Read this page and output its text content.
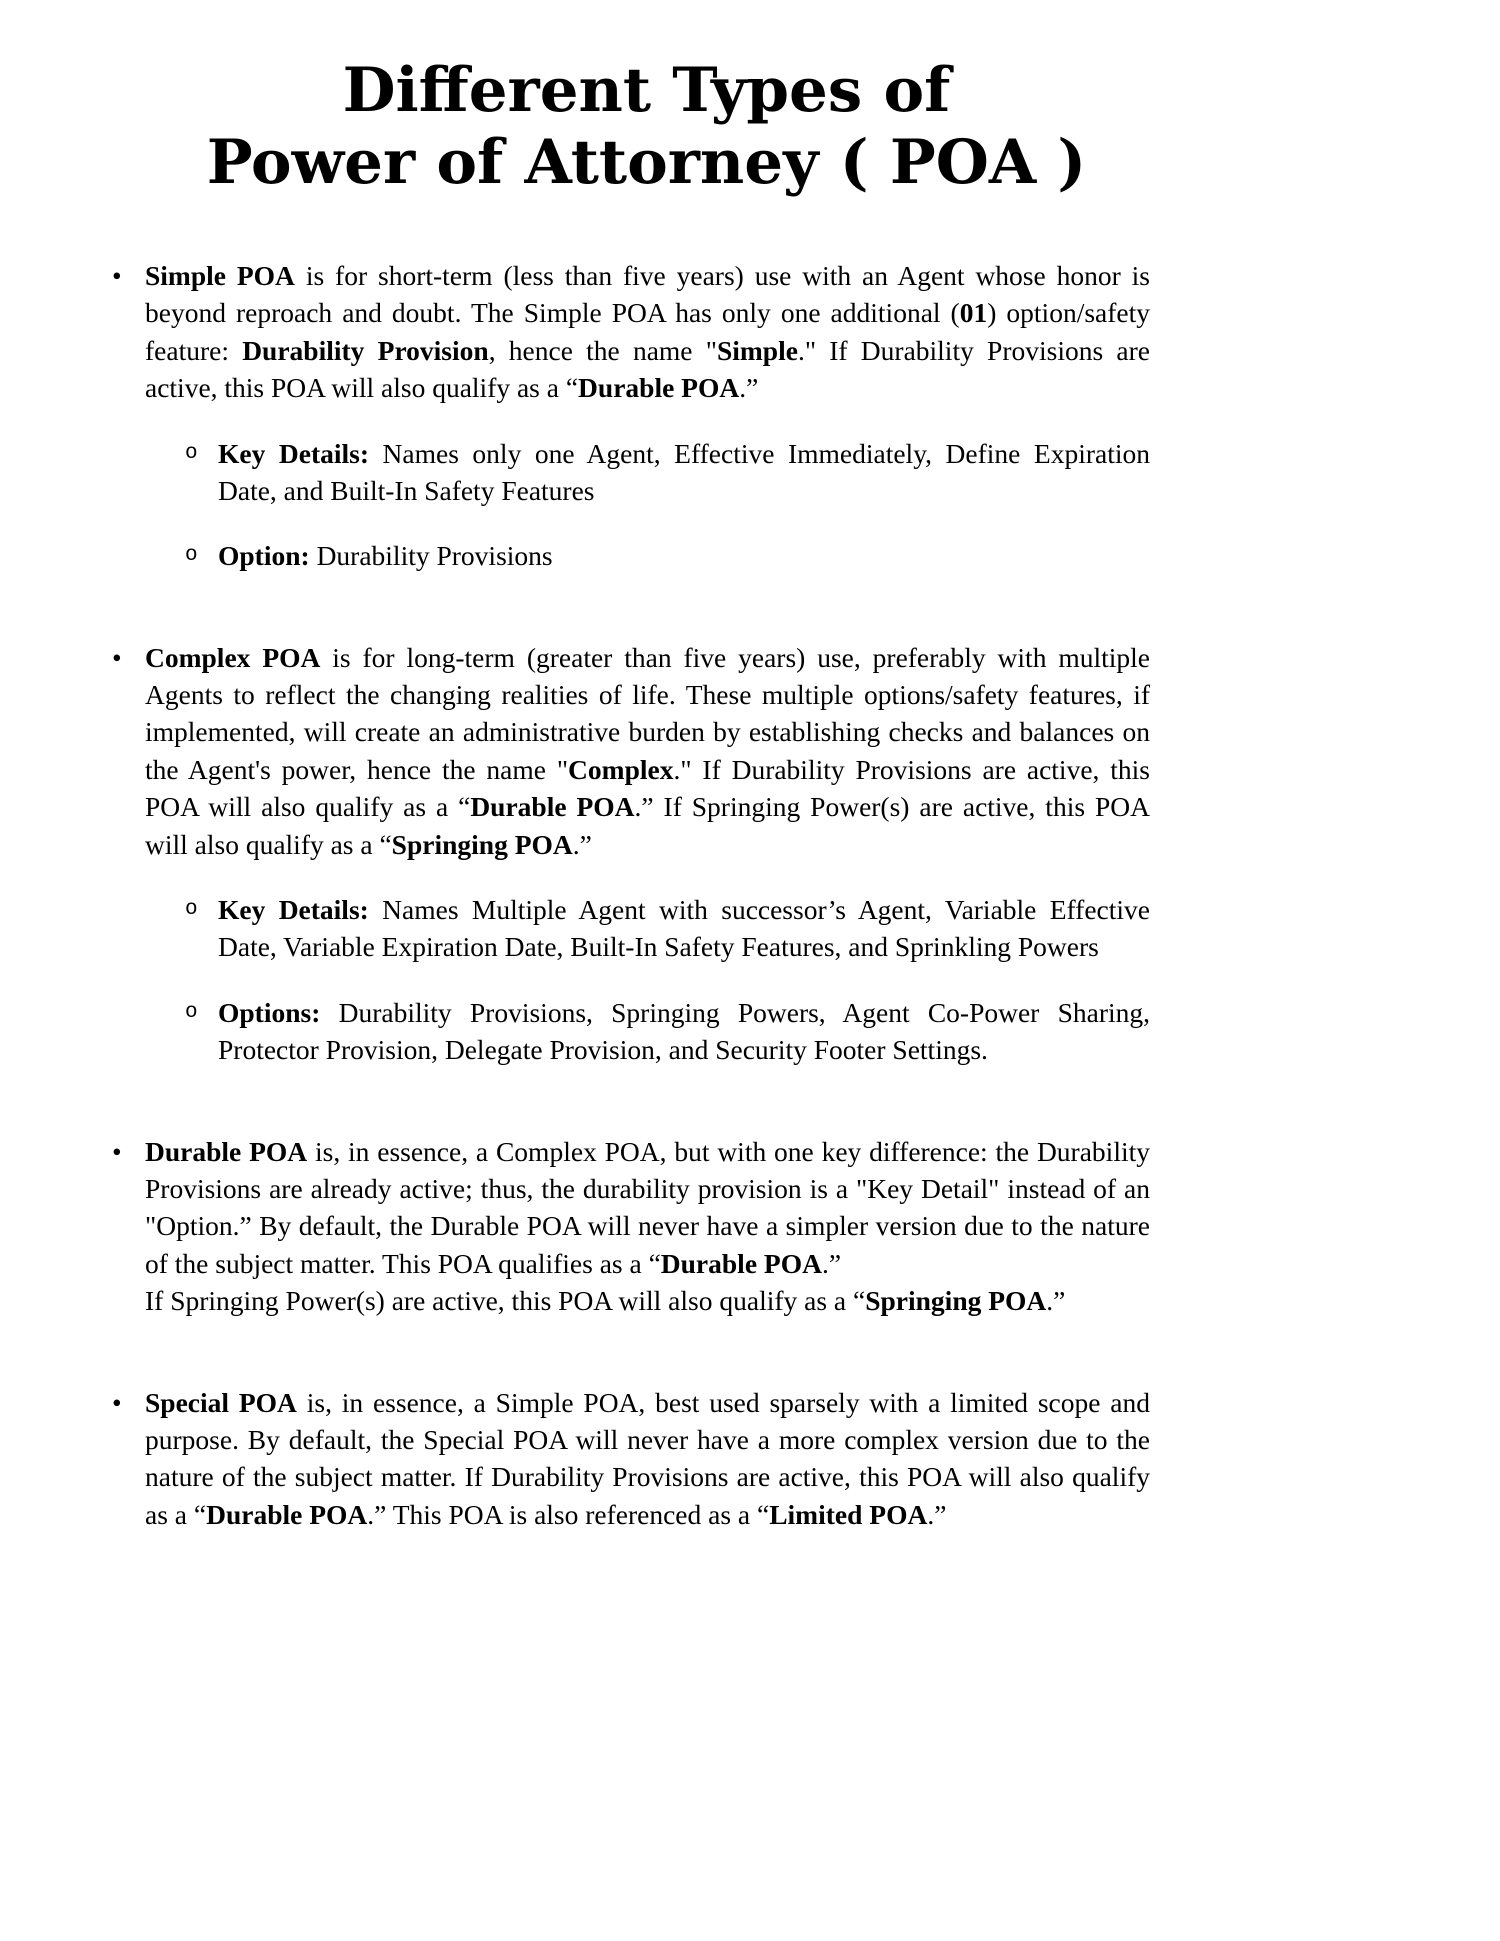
Different Types of
Power of Attorney ( POA )
• Simple POA is for short-term (less than five years) use with an Agent whose honor is beyond reproach and doubt. The Simple POA has only one additional (01) option/safety feature: Durability Provision, hence the name "Simple." If Durability Provisions are active, this POA will also qualify as a “Durable POA.”
o Key Details: Names only one Agent, Effective Immediately, Define Expiration Date, and Built-In Safety Features
o Option: Durability Provisions
• Complex POA is for long-term (greater than five years) use, preferably with multiple Agents to reflect the changing realities of life. These multiple options/safety features, if implemented, will create an administrative burden by establishing checks and balances on the Agent's power, hence the name "Complex." If Durability Provisions are active, this POA will also qualify as a “Durable POA.” If Springing Power(s) are active, this POA will also qualify as a “Springing POA.”
o Key Details: Names Multiple Agent with successor’s Agent, Variable Effective Date, Variable Expiration Date, Built-In Safety Features, and Sprinkling Powers
o Options: Durability Provisions, Springing Powers, Agent Co-Power Sharing, Protector Provision, Delegate Provision, and Security Footer Settings.
• Durable POA is, in essence, a Complex POA, but with one key difference: the Durability Provisions are already active; thus, the durability provision is a "Key Detail" instead of an "Option.” By default, the Durable POA will never have a simpler version due to the nature of the subject matter. This POA qualifies as a “Durable POA.”
If Springing Power(s) are active, this POA will also qualify as a “Springing POA.”
• Special POA is, in essence, a Simple POA, best used sparsely with a limited scope and purpose. By default, the Special POA will never have a more complex version due to the nature of the subject matter. If Durability Provisions are active, this POA will also qualify as a “Durable POA.” This POA is also referenced as a “Limited POA.”
